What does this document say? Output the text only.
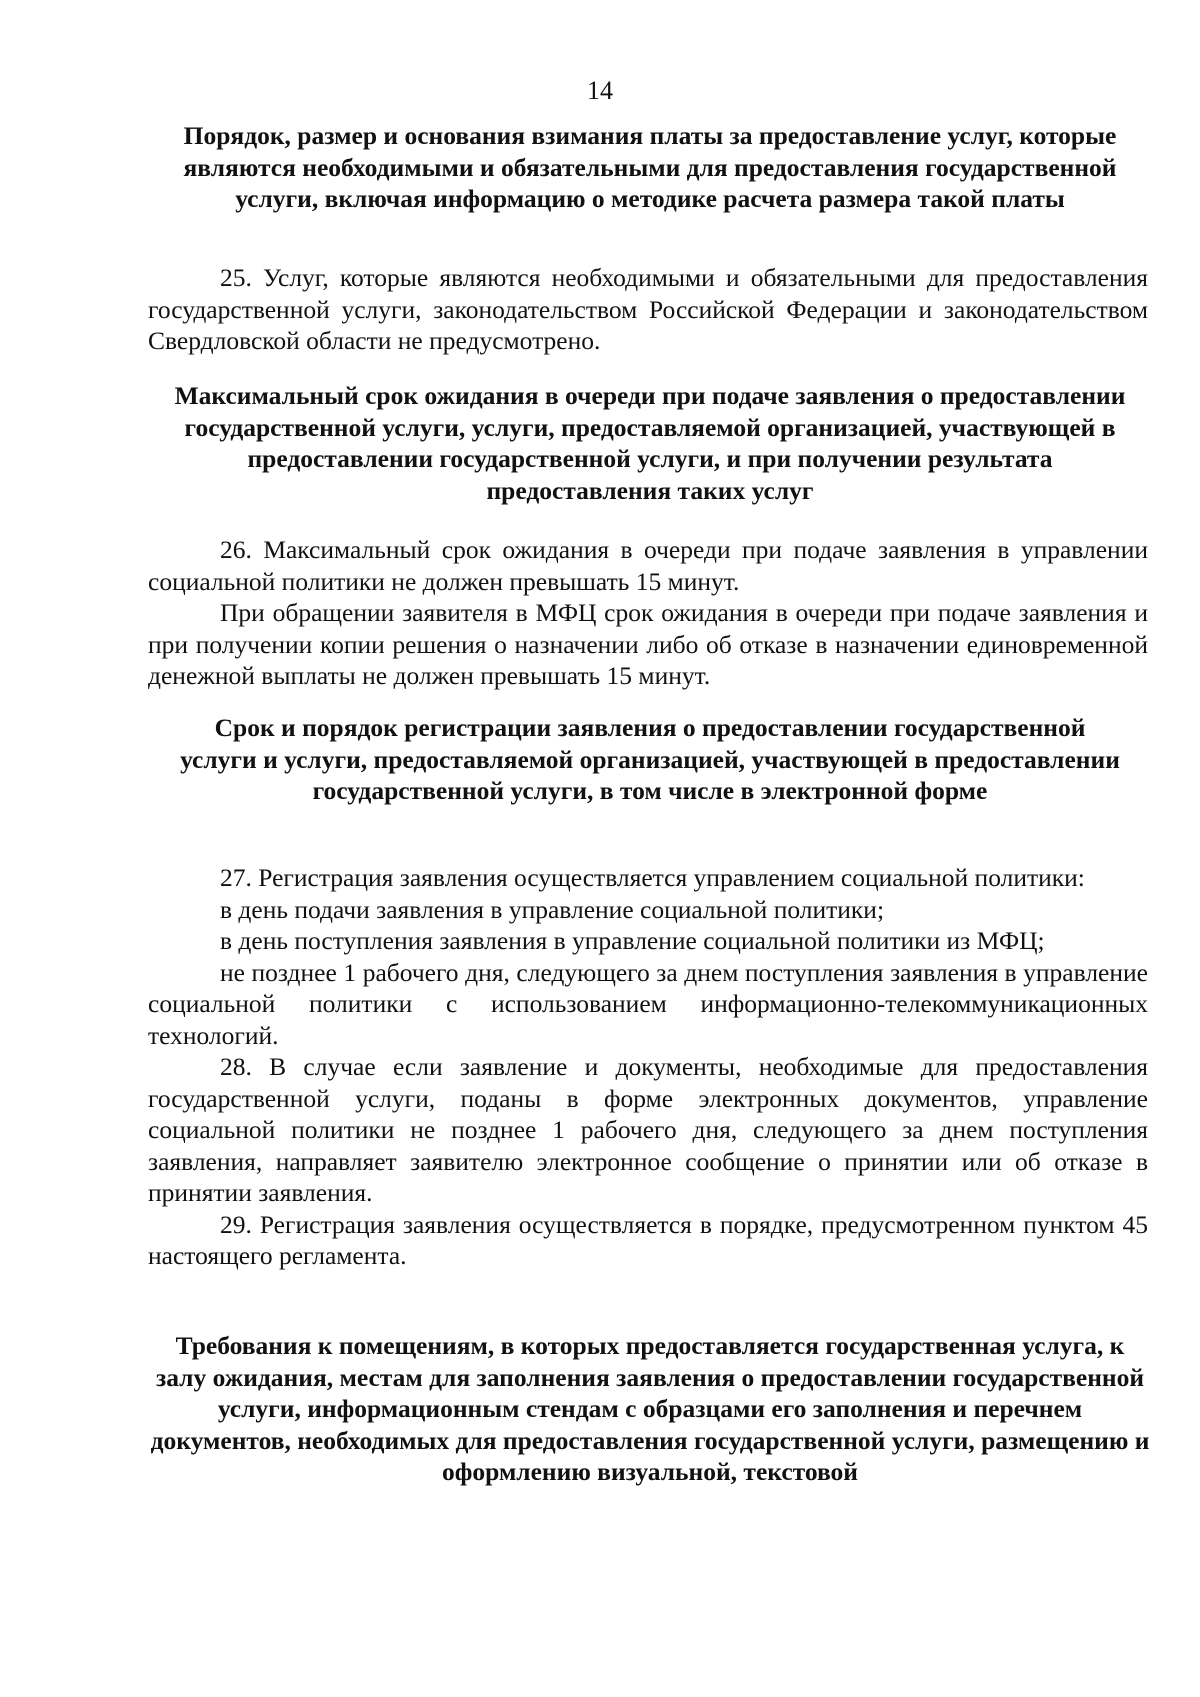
14
Порядок, размер и основания взимания платы за предоставление услуг, которые являются необходимыми и обязательными для предоставления государственной услуги, включая информацию о методике расчета размера такой платы

25. Услуг, которые являются необходимыми и обязательными для предоставления государственной услуги, законодательством Российской Федерации и законодательством Свердловской области не предусмотрено.

Максимальный срок ожидания в очереди при подаче заявления о предоставлении государственной услуги, услуги, предоставляемой организацией, участвующей в предоставлении государственной услуги, и при получении результата предоставления таких услуг

26. Максимальный срок ожидания в очереди при подаче заявления в управлении социальной политики не должен превышать 15 минут.

При обращении заявителя в МФЦ срок ожидания в очереди при подаче заявления и при получении копии решения о назначении либо об отказе в назначении единовременной денежной выплаты не должен превышать 15 минут.

Срок и порядок регистрации заявления о предоставлении государственной услуги и услуги, предоставляемой организацией, участвующей в предоставлении государственной услуги, в том числе в электронной форме

27. Регистрация заявления осуществляется управлением социальной политики:

в день подачи заявления в управление социальной политики;

в день поступления заявления в управление социальной политики из МФЦ;

не позднее 1 рабочего дня, следующего за днем поступления заявления в управление социальной политики с использованием информационно-телекоммуникационных технологий.

28. В случае если заявление и документы, необходимые для предоставления государственной услуги, поданы в форме электронных документов, управление социальной политики не позднее 1 рабочего дня, следующего за днем поступления заявления, направляет заявителю электронное сообщение о принятии или об отказе в принятии заявления.

29. Регистрация заявления осуществляется в порядке, предусмотренном пунктом 45 настоящего регламента.

Требования к помещениям, в которых предоставляется государственная услуга, к залу ожидания, местам для заполнения заявления о предоставлении государственной услуги, информационным стендам с образцами его заполнения и перечнем документов, необходимых для предоставления государственной услуги, размещению и оформлению визуальной, текстовой
